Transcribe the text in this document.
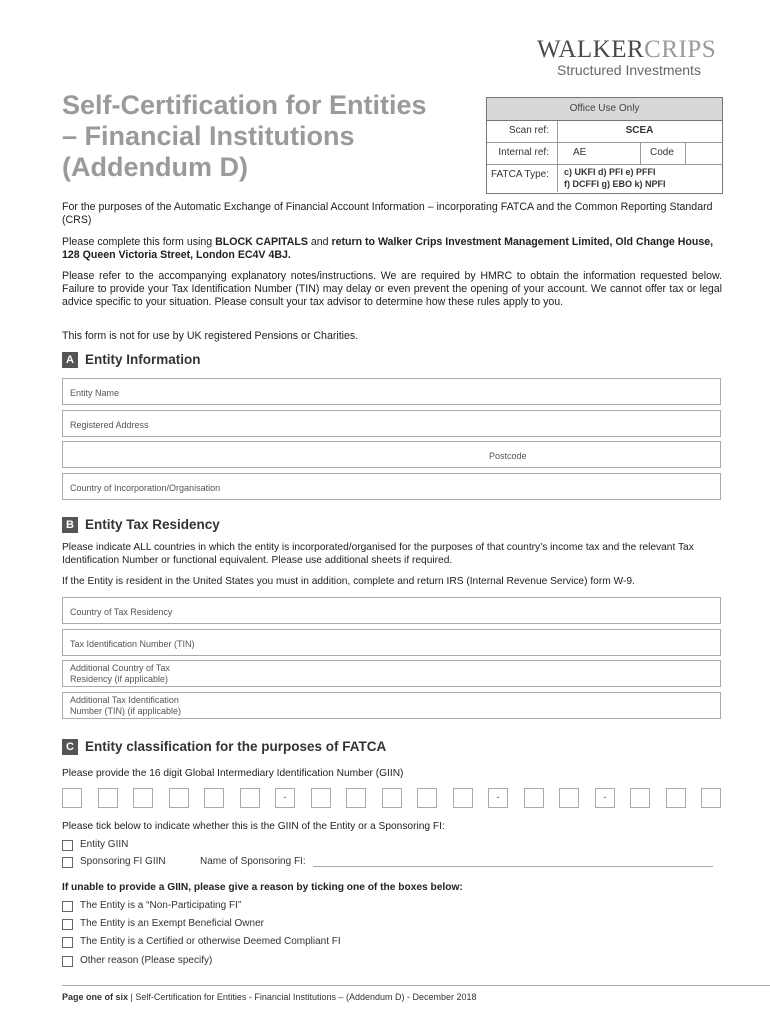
WALKERCRIPS
Structured Investments
Self-Certification for Entities
– Financial Institutions
(Addendum D)
Office Use Only
Scan ref:	SCEA
Internal ref:	AE	Code
FATCA Type:	c) UKFI d) PFI e) PFFI
f) DCFFI g) EBO k) NPFI
For the purposes of the Automatic Exchange of Financial Account Information – incorporating FATCA and the Common Reporting Standard (CRS)
Please complete this form using BLOCK CAPITALS and return to Walker Crips Investment Management Limited, Old Change House, 128 Queen Victoria Street, London EC4V 4BJ.
Please refer to the accompanying explanatory notes/instructions. We are required by HMRC to obtain the information requested below. Failure to provide your Tax Identification Number (TIN) may delay or even prevent the opening of your account. We cannot offer tax or legal advice specific to your situation. Please consult your tax advisor to determine how these rules apply to you.
This form is not for use by UK registered Pensions or Charities.
A Entity Information
Entity Name
Registered Address
Postcode
Country of Incorporation/Organisation
B Entity Tax Residency
Please indicate ALL countries in which the entity is incorporated/organised for the purposes of that country’s income tax and the relevant Tax Identification Number or functional equivalent. Please use additional sheets if required.
If the Entity is resident in the United States you must in addition, complete and return IRS (Internal Revenue Service) form W-9.
Country of Tax Residency
Tax Identification Number (TIN)
Additional Country of Tax Residency (if applicable)
Additional Tax Identification Number (TIN) (if applicable)
C Entity classification for the purposes of FATCA
Please provide the 16 digit Global Intermediary Identification Number (GIIN)
-	-	-
Please tick below to indicate whether this is the GIIN of the Entity or a Sponsoring FI:
Entity GIIN
Sponsoring FI GIIN	Name of Sponsoring FI:
If unable to provide a GIIN, please give a reason by ticking one of the boxes below:
The Entity is a “Non-Participating FI”
The Entity is an Exempt Beneficial Owner
The Entity is a Certified or otherwise Deemed Compliant FI
Other reason (Please specify)
Page one of six | Self-Certification for Entities - Financial Institutions – (Addendum D) - December 2018
